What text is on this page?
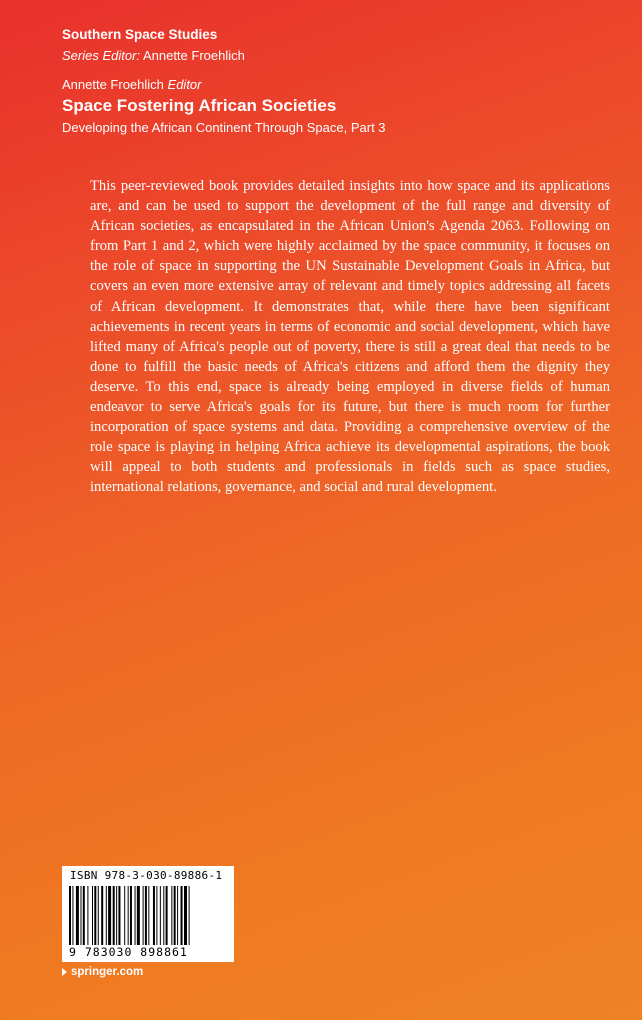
Southern Space Studies
Series Editor: Annette Froehlich
Annette Froehlich Editor
Space Fostering African Societies
Developing the African Continent Through Space, Part 3
This peer-reviewed book provides detailed insights into how space and its applications are, and can be used to support the development of the full range and diversity of African societies, as encapsulated in the African Union's Agenda 2063. Following on from Part 1 and 2, which were highly acclaimed by the space community, it focuses on the role of space in supporting the UN Sustainable Development Goals in Africa, but covers an even more extensive array of relevant and timely topics addressing all facets of African development. It demonstrates that, while there have been significant achievements in recent years in terms of economic and social development, which have lifted many of Africa's people out of poverty, there is still a great deal that needs to be done to fulfill the basic needs of Africa's citizens and afford them the dignity they deserve. To this end, space is already being employed in diverse fields of human endeavor to serve Africa's goals for its future, but there is much room for further incorporation of space systems and data. Providing a comprehensive overview of the role space is playing in helping Africa achieve its developmental aspirations, the book will appeal to both students and professionals in fields such as space studies, international relations, governance, and social and rural development.
ISBN 978-3-030-89886-1
9 783030 898861
springer.com
